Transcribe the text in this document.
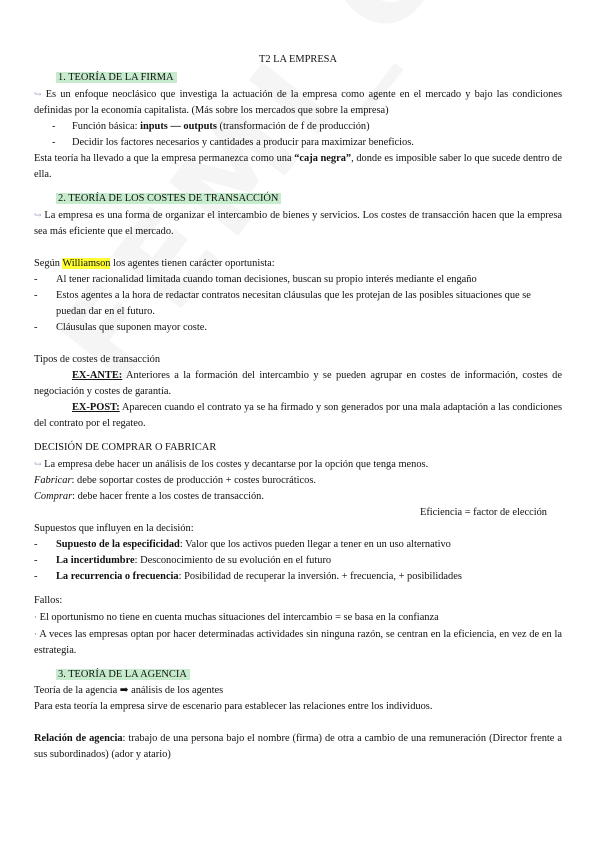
T2 LA EMPRESA
1. TEORÍA DE LA FIRMA

↪ Es un enfoque neoclásico que investiga la actuación de la empresa como agente en el mercado y bajo las condiciones definidas por la economía capitalista. (Más sobre los mercados que sobre la empresa)

-	Función básica: inputs — outputs (transformación de f de producción)
-	Decidir los factores necesarios y cantidades a producir para maximizar beneficios.

Esta teoría ha llevado a que la empresa permanezca como una “caja negra”, donde es imposible saber lo que sucede dentro de ella.

2. TEORÍA DE LOS COSTES DE TRANSACCIÓN

↪ La empresa es una forma de organizar el intercambio de bienes y servicios. Los costes de transacción hacen que la empresa sea más eficiente que el mercado.

Según Williamson los agentes tienen carácter oportunista:

-	Al tener racionalidad limitada cuando toman decisiones, buscan su propio interés mediante el engaño
-	Estos agentes a la hora de redactar contratos necesitan cláusulas que les protejan de las posibles situaciones que se puedan dar en el futuro.
-	Cláusulas que suponen mayor coste.

Tipos de costes de transacción

EX-ANTE: Anteriores a la formación del intercambio y se pueden agrupar en costes de información, costes de negociación y costes de garantía.

EX-POST: Aparecen cuando el contrato ya se ha firmado y son generados por una mala adaptación a las condiciones del contrato por el regateo.

DECISIÓN DE COMPRAR O FABRICAR

↪ La empresa debe hacer un análisis de los costes y decantarse por la opción que tenga menos.

Fabricar: debe soportar costes de producción + costes burocráticos.

Comprar: debe hacer frente a los costes de transacción.

Eficiencia = factor de elección

Supuestos que influyen en la decisión:

-	Supuesto de la especificidad: Valor que los activos pueden llegar a tener en un uso alternativo
-	La incertidumbre: Desconocimiento de su evolución en el futuro
-	La recurrencia o frecuencia: Posibilidad de recuperar la inversión. + frecuencia, + posibilidades

Fallos:

· El oportunismo no tiene en cuenta muchas situaciones del intercambio = se basa en la confianza

· A veces las empresas optan por hacer determinadas actividades sin ninguna razón, se centran en la eficiencia, en vez de en la estrategia.

3. TEORÍA DE LA AGENCIA

Teoría de la agencia ➡ análisis de los agentes

Para esta teoría la empresa sirve de escenario para establecer las relaciones entre los individuos.

Relación de agencia: trabajo de una persona bajo el nombre (firma) de otra a cambio de una remuneración (Director frente a sus subordinados) (ador y atario)
